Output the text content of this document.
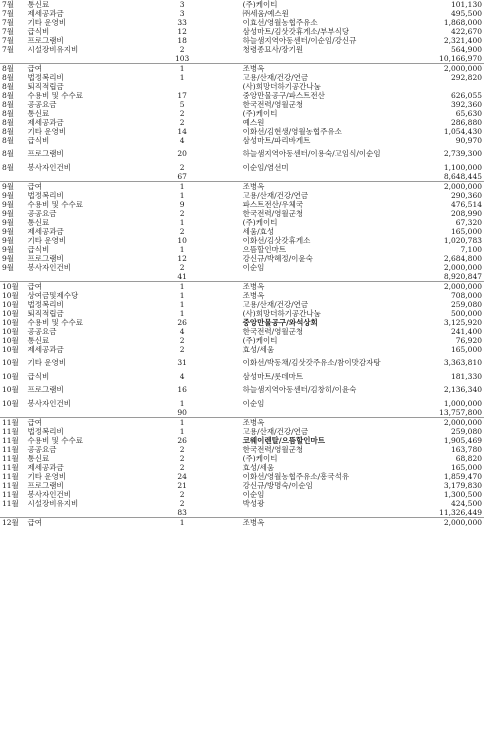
7월	통신료	3		(주)케이티	101,130
7월	제세공과금	3		㈜세움/예스원	495,500
7월	기타 운영비	33		이효선/영월농협주유소	1,868,000
7월	급식비	12		삼성마트/김삿갓휴게소/부부식당	422,670
7월	프로그램비	18		하늘샘지역아동센터/이순임/강신규	2,321,400
7월	시설장비유지비	2		청령종묘사/장기원	564,900
		103			10,166,970
8월	급여	1		조병옥	2,000,000
8월	법정복리비	1		고용/산재/건강/연금	292,820
8월	퇴직적립금			(사)희망더하기공간나눔	
8월	수용비 및 수수료	17		중앙만물공구/파스트전산	626,055
8월	공공요금	5		한국전력/영월군청	392,360
8월	통신료	2		(주)케이티	65,630
8월	제세공과금	2		예스원	286,880
8월	기타 운영비	14		이화선/김현생/영월농협주유소	1,054,430
8월	급식비	4		삼성마트/파리바게트	90,970
8월	프로그램비	20		하늘샘지역아동센터/이용숙/고임식/이순임	2,739,300
8월	봉사자인건비	2		이순임/염선미	1,100,000
		67			8,648,445
9월	급여	1		조병옥	2,000,000
9월	법정복리비	1		고용/산재/건강/연금	290,360
9월	수용비 및 수수료	9		파스트전산/우체국	476,514
9월	공공요금	2		한국전력/영월군청	208,990
9월	통신료	1		(주)케이티	67,320
9월	제세공과금	2		세움/효성	165,000
9월	기타 운영비	10		이화선/김삿갓휴게소	1,020,783
9월	급식비	1		으뜸할인마트	7,100
9월	프로그램비	12		강신규/박혜정/이윤숙	2,684,800
9월	봉사자인건비	2		이순임	2,000,000
		41			8,920,847
10월	급여	1		조병옥	2,000,000
10월	상여금및제수당	1		조병옥	708,000
10월	법정복리비	1		고용/산재/건강/연금	259,080
10월	퇴직적립금	1		(사)희망더하기공간나눔	500,000
10월	수용비 및 수수료	26		중앙만물공구/와석상회	3,125,920
10월	공공요금	4		한국전력/영월군청	241,400
10월	통신료	2		(주)케이티	76,920
10월	제세공과금	2		효성/세움	165,000
10월	기타 운영비	31		이화선/박동채/김삿갓주유소/참이맛감자탕	3,363,810
10월	급식비	4		삼성마트/롯데마트	181,330
10월	프로그램비	16		하늘샘지역아동센터/김창히/이윤숙	2,136,340
10월	봉사자인건비	1		이순임	1,000,000
		90			13,757,800
11월	급여	1		조병옥	2,000,000
11월	법정복리비	1		고용/산재/건강/연금	259,080
11월	수용비 및 수수료	26		코웨이렌탈/으뜸할인마트	1,905,469
11월	공공요금	2		한국전력/영월군청	163,780
11월	통신료	2		(주)케이티	68,820
11월	제세공과금	2		효성/세움	165,000
11월	기타 운영비	24		이화선/영월농협주유소/흥국석유	1,859,470
11월	프로그램비	21		강신규/방명숙/이순임	3,179,830
11월	봉사자인건비	2		이순임	1,300,500
11월	시설장비유지비	2		박성광	424,500
		83			11,326,449
12월	급여	1		조병옥	2,000,000
